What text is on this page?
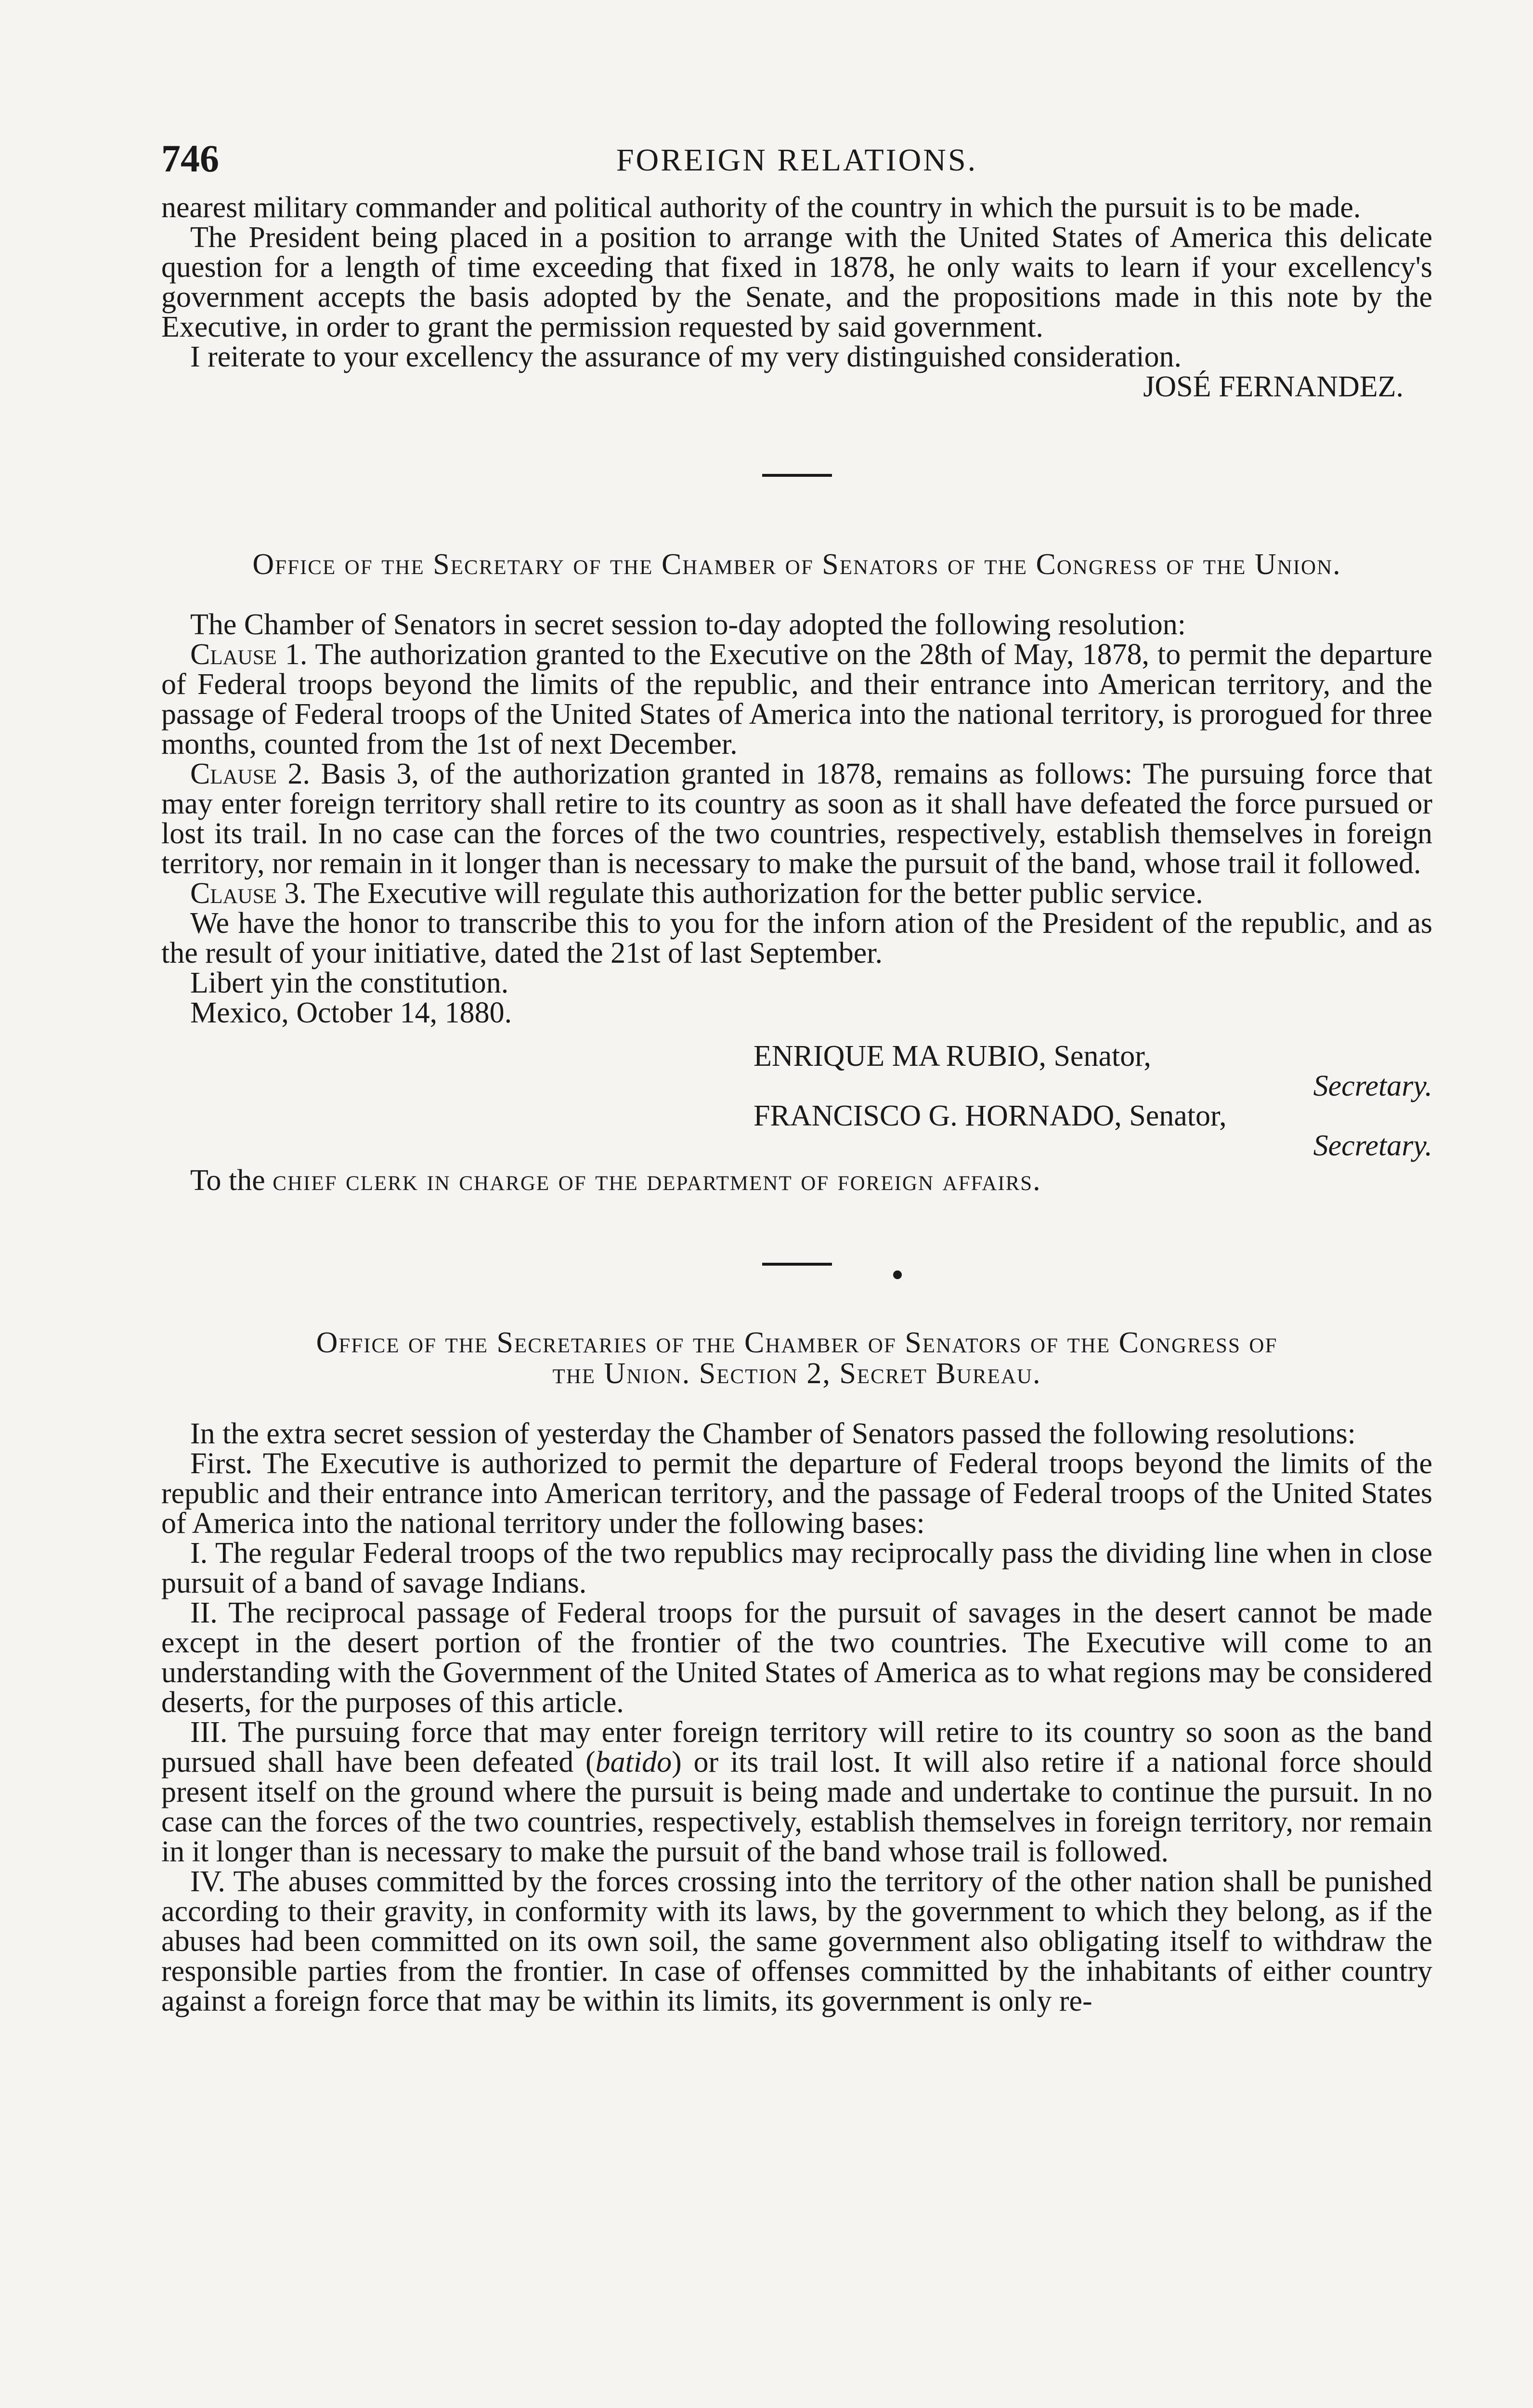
746	FOREIGN RELATIONS.

nearest military commander and political authority of the country in which the pursuit is to be made.

The President being placed in a position to arrange with the United States of America this delicate question for a length of time exceeding that fixed in 1878, he only waits to learn if your excellency's government accepts the basis adopted by the Senate, and the propositions made in this note by the Executive, in order to grant the permission requested by said government.

I reiterate to your excellency the assurance of my very distinguished consideration.

JOSÉ FERNANDEZ.

Office of the Secretary of the Chamber of Senators of the Congress of the Union.

The Chamber of Senators in secret session to-day adopted the following resolution:

Clause 1. The authorization granted to the Executive on the 28th of May, 1878, to permit the departure of Federal troops beyond the limits of the republic, and their entrance into American territory, and the passage of Federal troops of the United States of America into the national territory, is prorogued for three months, counted from the 1st of next December.

Clause 2. Basis 3, of the authorization granted in 1878, remains as follows: The pursuing force that may enter foreign territory shall retire to its country as soon as it shall have defeated the force pursued or lost its trail. In no case can the forces of the two countries, respectively, establish themselves in foreign territory, nor remain in it longer than is necessary to make the pursuit of the band, whose trail it followed.

Clause 3. The Executive will regulate this authorization for the better public service.

We have the honor to transcribe this to you for the inforn ation of the President of the republic, and as the result of your initiative, dated the 21st of last September.

Libert yin the constitution.

Mexico, October 14, 1880.

ENRIQUE MA RUBIO, Senator,

Secretary.

FRANCISCO G. HORNADO, Senator,

Secretary.

To the chief clerk in charge of the department of foreign affairs.

Office of the Secretaries of the Chamber of Senators of the Congress of

the Union. Section 2, Secret Bureau.

In the extra secret session of yesterday the Chamber of Senators passed the following resolutions:

First. The Executive is authorized to permit the departure of Federal troops beyond the limits of the republic and their entrance into American territory, and the passage of Federal troops of the United States of America into the national territory under the following bases:

I. The regular Federal troops of the two republics may reciprocally pass the dividing line when in close pursuit of a band of savage Indians.

II. The reciprocal passage of Federal troops for the pursuit of savages in the desert cannot be made except in the desert portion of the frontier of the two countries. The Executive will come to an understanding with the Government of the United States of America as to what regions may be considered deserts, for the purposes of this article.

III. The pursuing force that may enter foreign territory will retire to its country so soon as the band pursued shall have been defeated (batido) or its trail lost. It will also retire if a national force should present itself on the ground where the pursuit is being made and undertake to continue the pursuit. In no case can the forces of the two countries, respectively, establish themselves in foreign territory, nor remain in it longer than is necessary to make the pursuit of the band whose trail is followed.

IV. The abuses committed by the forces crossing into the territory of the other nation shall be punished according to their gravity, in conformity with its laws, by the government to which they belong, as if the abuses had been committed on its own soil, the same government also obligating itself to withdraw the responsible parties from the frontier. In case of offenses committed by the inhabitants of either country against a foreign force that may be within its limits, its government is only re-
